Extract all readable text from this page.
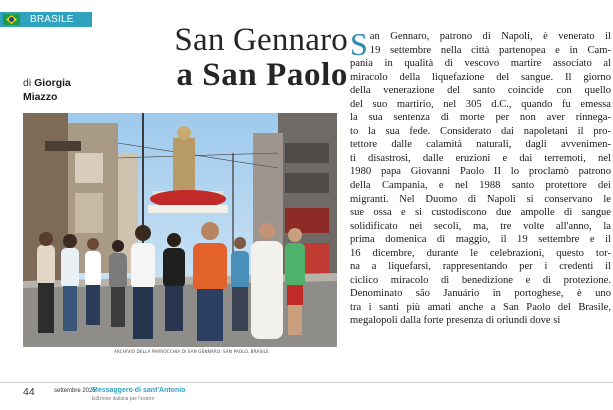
BRASILE
San Gennaro
a San Paolo
di Giorgia
Miazzo
ARCHIVIO DELLA PARROCCHIA DI SAN GENNARO, SAN PAOLO, BRASILE
S an Gennaro, patrono di Napoli, è venerato il
19 settembre nella città partenopea e in Cam-
pania in qualità di vescovo martire associato al
miracolo della liquefazione del sangue. Il giorno
della venerazione del santo coincide con quello
del suo martirio, nel 305 d.C., quando fu emessa
la sua sentenza di morte per non aver rinnega-
to la sua fede. Considerato dai napoletani il pro-
tettore dalle calamità naturali, dagli avvenimen-
ti disastrosi, dalle eruzioni e dai terremoti, nel
1980 papa Giovanni Paolo II lo proclamò patrono
della Campania, e nel 1988 santo protettore dei
migranti. Nel Duomo di Napoli si conservano le
sue ossa e si custodiscono due ampolle di sangue
solidificato nei secoli, ma, tre volte all'anno, la
prima domenica di maggio, il 19 settembre e il
16 dicembre, durante le celebrazioni, questo tor-
na a liquefarsi, rappresentando per i credenti il
ciclico miracolo di benedizione e di protezione.
Denominato são Januário in portoghese, è uno
tra i santi più amati anche a San Paolo del Brasile,
megalopoli dalla forte presenza di oriundi dove si
44	settembre 2025
Messaggero di sant'Antonio
Edizione italiana per l'estero
